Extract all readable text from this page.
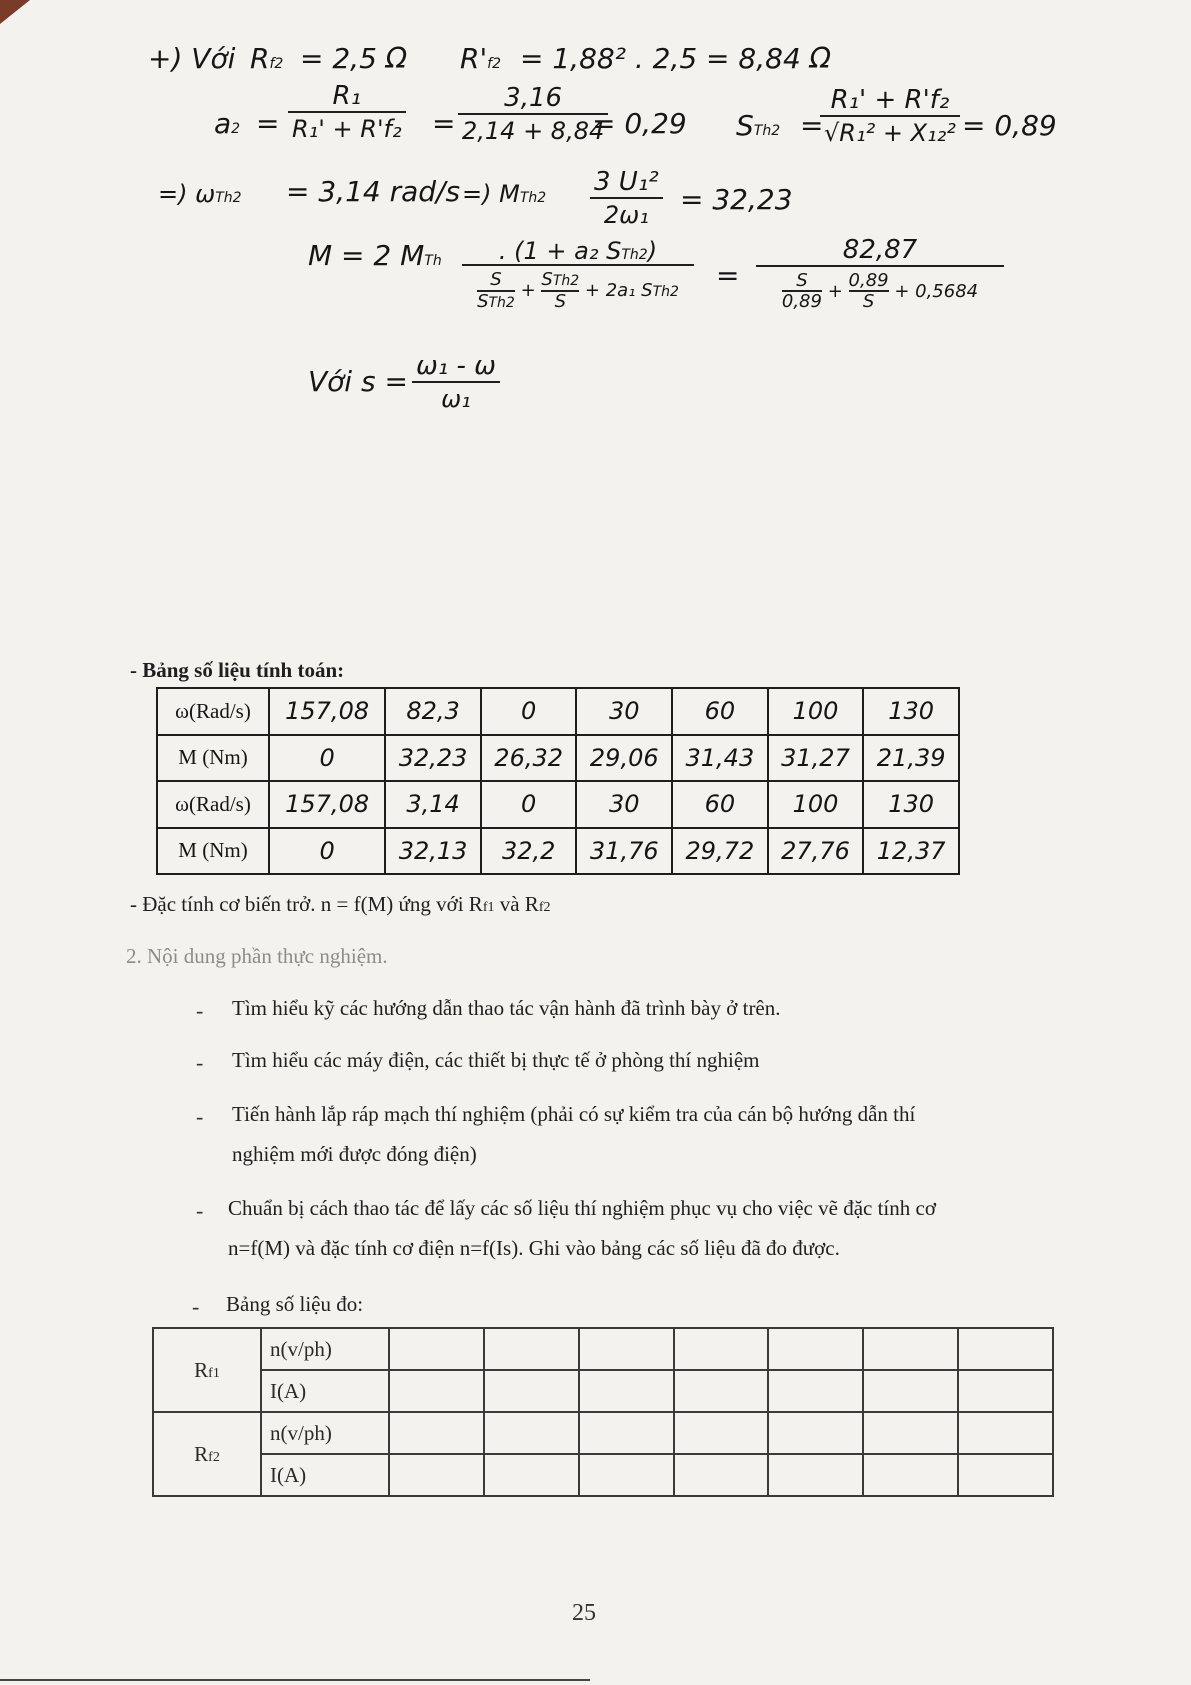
+) Với Rf2 = 2,5 Ω R'f2 = 1,88² . 2,5 = 8,84 Ω
$a2 = \frac{\text{R₁}}{\text{R₁' + R'f₂}} = \frac{3,16}{2,14 + 8,84}$
= 0,29 STh2 =
$\frac{\text{R₁' + R'f₂}}{\text{√R₁² + X₁₂²}} = 0,89$
=) ωTh2 = 3,14 rad/s =) $MTh2 \frac{\text{3 U₁²}}{\text{2ω₁}} = 32,23$
M = 2 MTh	. (1 + a₂ STh2)
S
STh2
+
STh2
S
+ 2a₁ STh2
=
82,87
$\frac{S}{0,89} + \frac{0,89}{S} + 0,5684$
Với $s = \frac{\text{ω₁ - ω}}{\text{ω₁}}$
- Bảng số liệu tính toán:
ω(Rad/s)	157,08	82,3	0	30	60	100	130
M (Nm)	0	32,23	26,32	29,06	31,43	31,27	21,39
ω(Rad/s)	157,08	3,14	0	30	60	100	130
M (Nm)	0	32,13	32,2	31,76	29,72	27,76	12,37
- Đặc tính cơ biến trở. n = f(M) ứng với Rf1 và Rf2
2. Nội dung phần thực nghiệm.
- Tìm hiểu kỹ các hướng dẫn thao tác vận hành đã trình bày ở trên.
- Tìm hiểu các máy điện, các thiết bị thực tế ở phòng thí nghiệm
- Tiến hành lắp ráp mạch thí nghiệm (phải có sự kiểm tra của cán bộ hướng dẫn thí
nghiệm mới được đóng điện)
- Chuẩn bị cách thao tác để lấy các số liệu thí nghiệm phục vụ cho việc vẽ đặc tính cơ
n=f(M) và đặc tính cơ điện n=f(Is). Ghi vào bảng các số liệu đã đo được.
- Bảng số liệu đo:
Rf1	n(v/ph)							
	I(A)							
Rf2	n(v/ph)							
	I(A)							
25
